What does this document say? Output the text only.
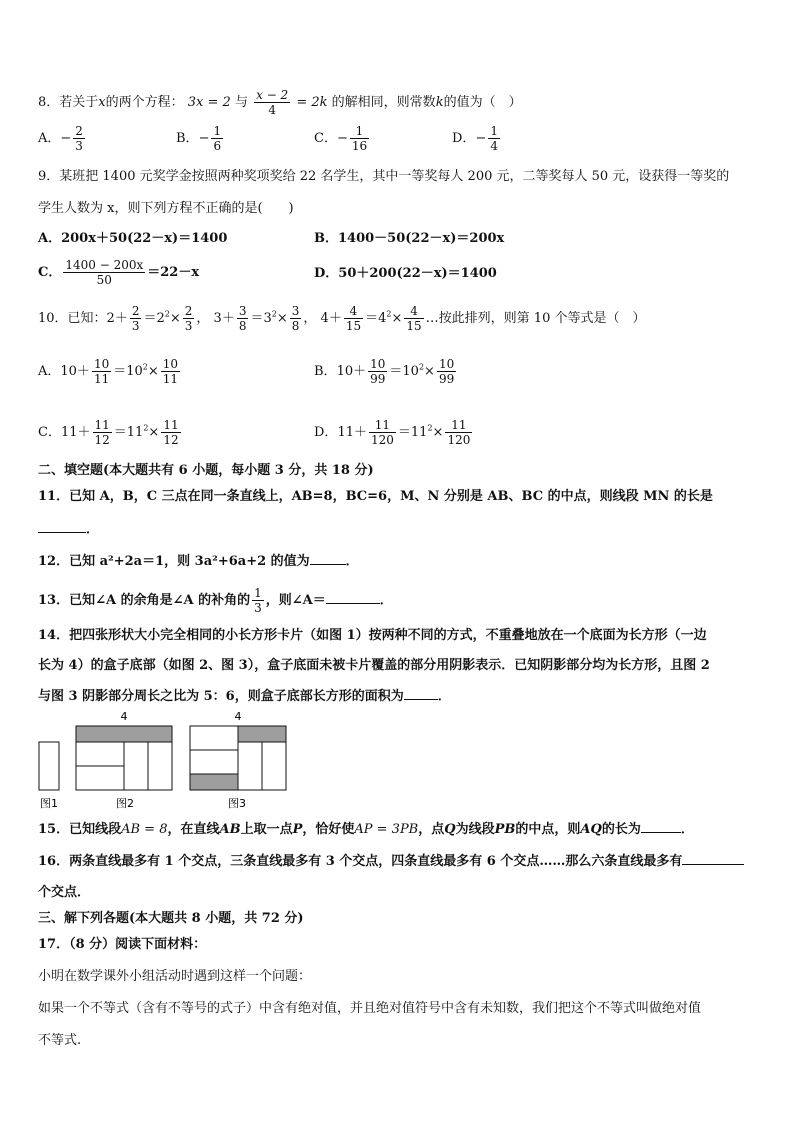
8．若关于x的两个方程： 3x = 2 与 $\frac{x - 2}{4} = 2k$ 的解相同，则常数k的值为（　）
A．− $\frac{2}{3}$	B．− $\frac{1}{6}$	C．− $\frac{1}{16}$	D．− $\frac{1}{4}$
9．某班把 1400 元奖学金按照两种奖项奖给 22 名学生，其中一等奖每人 200 元，二等奖每人 50 元，设获得一等奖的
学生人数为 x，则下列方程不正确的是(　　)
A．200x＋50(22－x)＝1400	B．1400－50(22－x)＝200x
C． $\frac{1400 - 200x}{50} =22-x$	D．50＋200(22－x)＝1400
10．已知：$2+ \frac{2}{3} =2^2\times \frac{2}{3}$ ， $3+ \frac{3}{8} =3^2\times \frac{3}{8}$ ， $4+ \frac{4}{15} =4^2\times \frac{4}{15}$ …按此排列，则第 10 个等式是（　）
A．$10+ \frac{10}{11} =10^2\times \frac{10}{11}$	B．$10+ \frac{10}{99} =10^2\times \frac{10}{99}$
C．$11+ \frac{11}{12} =11^2\times \frac{11}{12}$	D．$11+ \frac{11}{120} =11^2\times \frac{11}{120}$
二、填空题(本大题共有 6 小题，每小题 3 分，共 18 分)
11．已知 A，B，C 三点在同一条直线上，AB=8，BC=6，M、N 分别是 AB、BC 的中点，则线段 MN 的长是
．
12．已知 a²+2a＝1，则 3a²+6a+2 的值为	．
13．已知∠A 的余角是∠A 的补角的 $\frac{1}{3}$ ，则∠A＝	．
14．把四张形状大小完全相同的小长方形卡片（如图 1）按两种不同的方式，不重叠地放在一个底面为长方形（一边
长为 4）的盒子底部（如图 2、图 3），盒子底面未被卡片覆盖的部分用阴影表示．已知阴影部分均为长方形，且图 2
与图 3 阴影部分周长之比为 5：6，则盒子底部长方形的面积为	．
4	4
图1	图2	图3
15．已知线段AB = 8，在直线AB上取一点P，恰好使AP = 3PB，点Q为线段PB的中点，则AQ的长为	．
16．两条直线最多有 1 个交点，三条直线最多有 3 个交点，四条直线最多有 6 个交点……那么六条直线最多有
个交点．
三、解下列各题(本大题共 8 小题，共 72 分)
17．（8 分）阅读下面材料：
小明在数学课外小组活动时遇到这样一个问题：
如果一个不等式（含有不等号的式子）中含有绝对值，并且绝对值符号中含有未知数，我们把这个不等式叫做绝对值
不等式.
